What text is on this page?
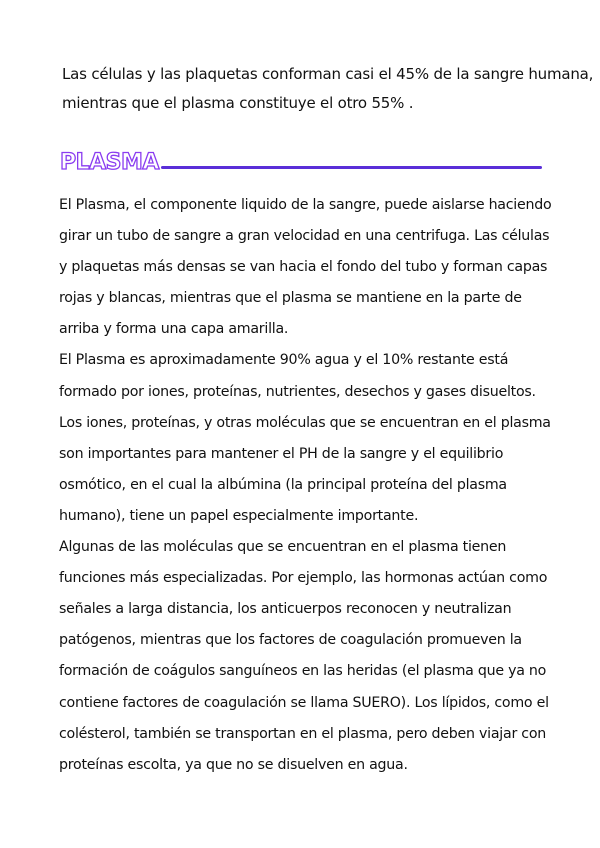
Las células y las plaquetas conforman casi el 45% de la sangre humana,
mientras que el plasma constituye el otro 55% .
PLASMA
El Plasma, el componente liquido de la sangre, puede aislarse haciendo
girar un tubo de sangre a gran velocidad en una centrifuga. Las células
y plaquetas más densas se van hacia el fondo del tubo y forman capas
rojas y blancas, mientras que el plasma se mantiene en la parte de
arriba y forma una capa amarilla.
El Plasma es aproximadamente 90% agua y el 10% restante está
formado por iones, proteínas, nutrientes, desechos y gases disueltos.
Los iones, proteínas, y otras moléculas que se encuentran en el plasma
son importantes para mantener el PH de la sangre y el equilibrio
osmótico, en el cual la albúmina (la principal proteína del plasma
humano), tiene un papel especialmente importante.
Algunas de las moléculas que se encuentran en el plasma tienen
funciones más especializadas. Por ejemplo, las hormonas actúan como
señales a larga distancia, los anticuerpos reconocen y neutralizan
patógenos, mientras que los factores de coagulación promueven la
formación de coágulos sanguíneos en las heridas (el plasma que ya no
contiene factores de coagulación se llama SUERO). Los lípidos, como el
colésterol, también se transportan en el plasma, pero deben viajar con
proteínas escolta, ya que no se disuelven en agua.
